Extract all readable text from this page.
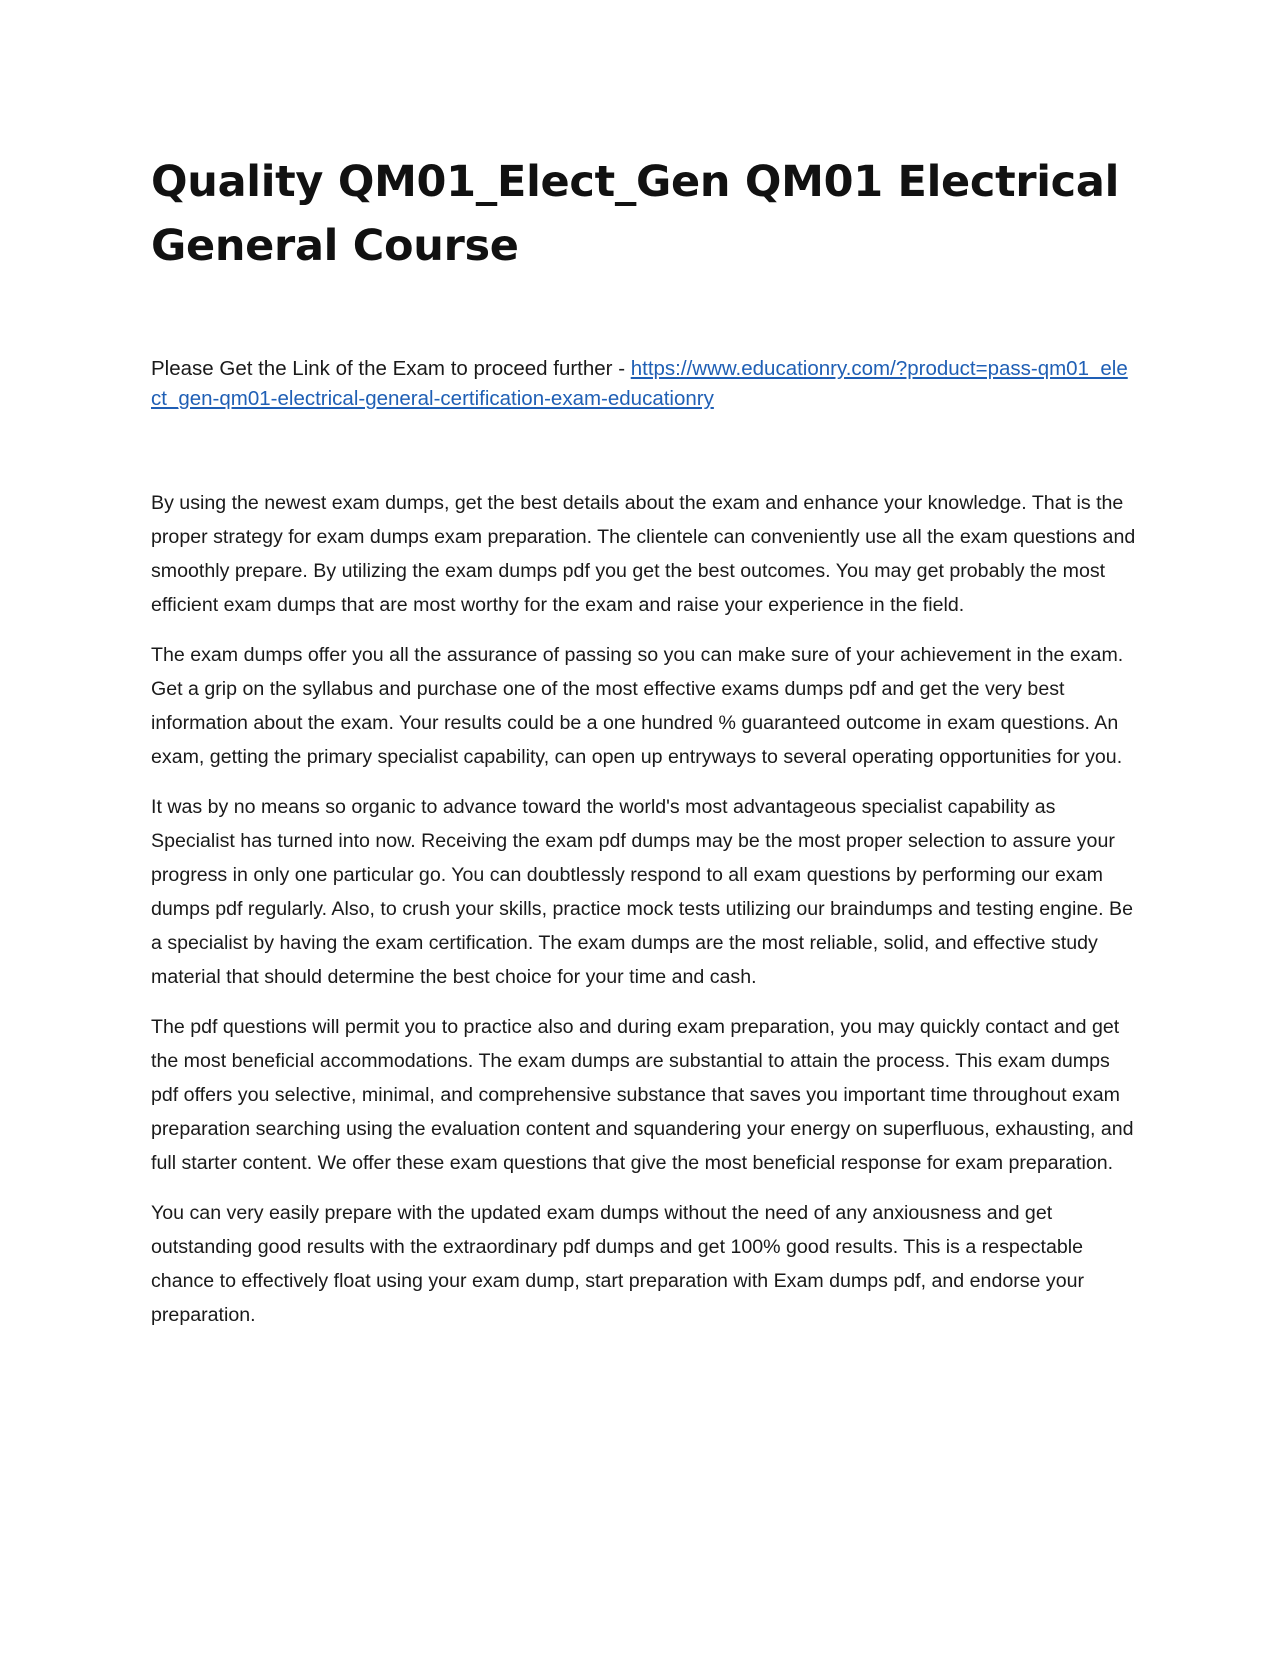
Quality QM01_Elect_Gen QM01 Electrical General Course
Please Get the Link of the Exam to proceed further - https://www.educationry.com/?product=pass-qm01_elect_gen-qm01-electrical-general-certification-exam-educationry

By using the newest exam dumps, get the best details about the exam and enhance your knowledge. That is the proper strategy for exam dumps exam preparation. The clientele can conveniently use all the exam questions and smoothly prepare. By utilizing the exam dumps pdf you get the best outcomes. You may get probably the most efficient exam dumps that are most worthy for the exam and raise your experience in the field.

The exam dumps offer you all the assurance of passing so you can make sure of your achievement in the exam. Get a grip on the syllabus and purchase one of the most effective exams dumps pdf and get the very best information about the exam. Your results could be a one hundred % guaranteed outcome in exam questions. An exam, getting the primary specialist capability, can open up entryways to several operating opportunities for you.

It was by no means so organic to advance toward the world's most advantageous specialist capability as Specialist has turned into now. Receiving the exam pdf dumps may be the most proper selection to assure your progress in only one particular go. You can doubtlessly respond to all exam questions by performing our exam dumps pdf regularly. Also, to crush your skills, practice mock tests utilizing our braindumps and testing engine. Be a specialist by having the exam certification. The exam dumps are the most reliable, solid, and effective study material that should determine the best choice for your time and cash.

The pdf questions will permit you to practice also and during exam preparation, you may quickly contact and get the most beneficial accommodations. The exam dumps are substantial to attain the process. This exam dumps pdf offers you selective, minimal, and comprehensive substance that saves you important time throughout exam preparation searching using the evaluation content and squandering your energy on superfluous, exhausting, and full starter content. We offer these exam questions that give the most beneficial response for exam preparation.

You can very easily prepare with the updated exam dumps without the need of any anxiousness and get outstanding good results with the extraordinary pdf dumps and get 100% good results. This is a respectable chance to effectively float using your exam dump, start preparation with Exam dumps pdf, and endorse your preparation.
